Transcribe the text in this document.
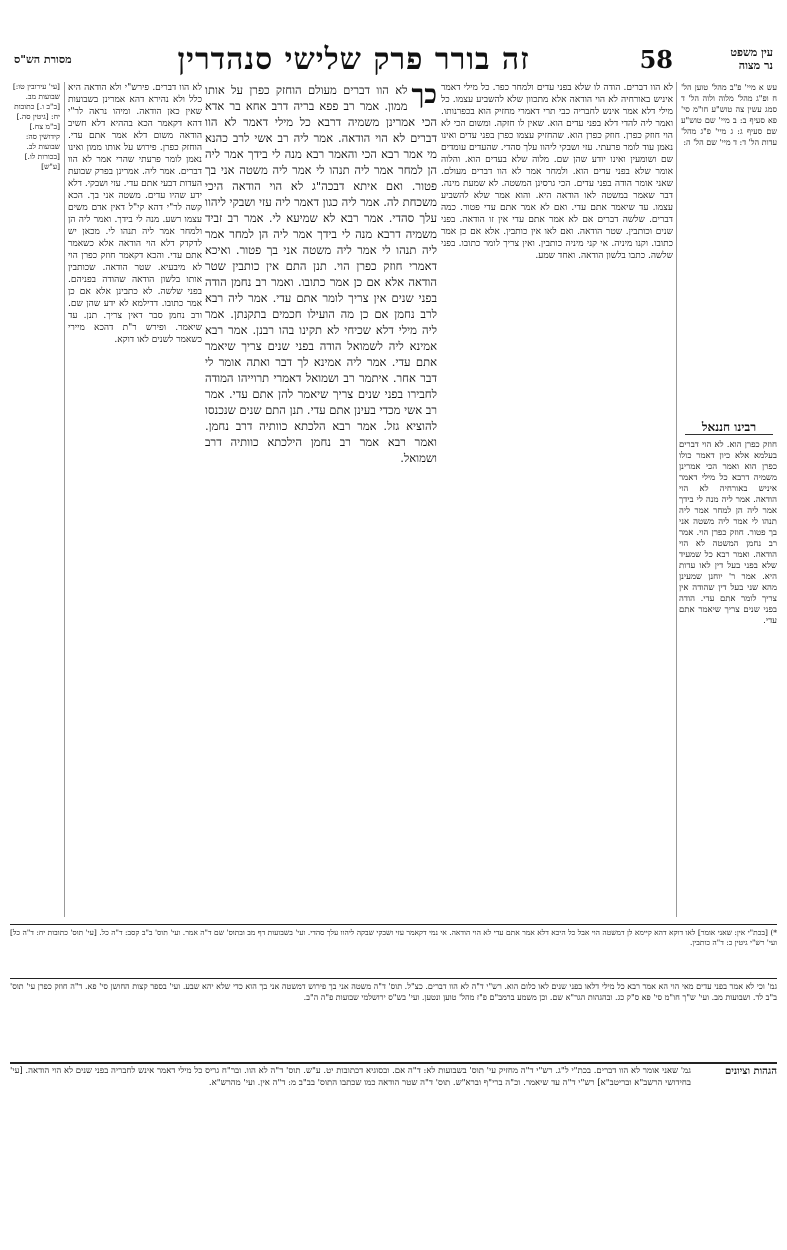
עין משפט
נר מצוה
58
זה בורר פרק שלישי סנהדרין
מסורת הש"ס

עש א מיי' פ"ב מהל' טוען הל' ח ופ"ג מהל' מלוה ולוה הל' ד סמג עשין צה טוש"ע חו"מ סי' פא סעיף ב: ב מיי' שם טוש"ע שם סעיף ג: ג מיי' פ"ג מהל' עדות הל' ד: ד מיי' שם הל' ה:

רבינו חננאל

חוזק כפרן הוא. לא הוי דברים בעלמא אלא כיון דאמר כולו כפרן הוא ואמר הכי אמרינן משמיה דרבא כל מילי דאמר איניש באורחיה לא הוי הודאה. אמר ליה מנה לי בידך אמר ליה הן למחר אמר ליה תנהו לי אמר ליה משטה אני בך פטור. חוזק כפרן הוי. אמר רב נחמן המשטה לא הוי הודאה. ואמר רבא כל שמעיד שלא בפני בעל דין לאו עדות היא. אמר ר' יוחנן שמעינן מהא שני בעל דין שהודה אין צריך לומר אתם עדי. הודה בפני שנים צריך שיאמר אתם עדי.

לא הוו דברים. הודה לו שלא בפני עדים ולמחר כפר. כל מילי דאמר איניש באורחיה לא הוי הודאה אלא מתכוון שלא להשביע עצמו. כל מילי דלא אמר אינש לחבריה כבי תרי דאמרי מחזיק הוא בכפרנותו. ואמר ליה להדי דלא בפני עדים הוא. שאין לו חזקה. ומשום הכי לא הוי חוזק כפרן. חוזק כפרן הוא. שהחזיק עצמו כפרן בפני עדים ואינו נאמן עוד לומר פרעתי. עזי ושבקי ליהוו עלך סהדי. שהעדים עומדים שם ושומעין ואינו יודע שהן שם. מלוה שלא בעדים הוא. והלוה אומר שלא בפני עדים הוא. ולמחר אמר לא הוו דברים מעולם. שאני אומר הודה בפני עדים. הכי גרסינן המשטה. לא שמעת מינה. דבר שאמר במשטה לאו הודאה היא. והוא אמר שלא להשביע עצמו. עד שיאמר אתם עדי. ואם לא אמר אתם עדי פטור. כמה דברים. שלשה דברים אם לא אמר אתם עדי אין זו הודאה. בפני שנים וכותבין. שטר הודאה. ואם לאו אין כותבין. אלא אם כן אמר כתובו. וקנו מיניה. אי קני מיניה כותבין. ואין צריך לומר כתובו. בפני שלשה. כתבו בלשון הודאה. ואחד שמע.

כך

לא הוו דברים מעולם הוחזק כפרן על אותו ממון. אמר רב פפא בריה דרב אחא בר אדא הכי אמרינן משמיה דרבא כל מילי דאמר לא הוו דברים לא הוי הודאה. אמר ליה רב אשי לרב כהנא מי אמר רבא הכי והאמר רבא מנה לי בידך אמר ליה הן למחר אמר ליה תנהו לי אמר ליה משטה אני בך פטור. ואם איתא דבכה"ג לא הוי הודאה היכי משכחת לה. אמר ליה כגון דאמר ליה עזי ושבקי ליהוו עלך סהדי. אמר רבא לא שמיעא לי. אמר רב זביד משמיה דרבא מנה לי בידך אמר ליה הן למחר אמר ליה תנהו לי אמר ליה משטה אני בך פטור. ואיכא דאמרי חוזק כפרן הוי. תנן התם אין כותבין שטר הודאה אלא אם כן אמר כתובו. ואמר רב נחמן הודה בפני שנים אין צריך לומר אתם עדי. אמר ליה רבא לרב נחמן אם כן מה הועילו חכמים בתקנתן. אמר ליה מילי דלא שכיחי לא תקינו בהו רבנן. אמר רבא אמינא ליה לשמואל הודה בפני שנים צריך שיאמר אתם עדי. אמר ליה אמינא לך דבר ואתה אומר לי דבר אחר. איתמר רב ושמואל דאמרי תרוייהו המודה לחבירו בפני שנים צריך שיאמר להן אתם עדי. אמר רב אשי מכדי בעינן אתם עדי. תנן התם שנים שנכנסו להוציא גזל. אמר רבא הלכתא כוותיה דרב נחמן. ואמר רבא אמר רב נחמן הילכתא כוותיה דרב ושמואל.

לא הוו דברים. פירש"י ולא הודאה היא כלל ולא נהירא דהא אמרינן בשבועות שאין כאן הודאה. ומיהו נראה לר"י דהא דקאמר הכא בההיא דלא חשיב הודאה משום דלא אמר אתם עדי. הוחזק כפרן. פירוש על אותו ממון ואינו נאמן לומר פרעתי שהרי אמר לא הוו דברים. אמר ליה. אמרינן בפרק שבועת העדות דבעי אתם עדי. עזי ושבקי. דלא ידע שהיו עדים. משטה אני בך. הכא קשה לר"י דהא קי"ל דאין אדם משים עצמו רשע. מנה לי בידך. ואמר ליה הן ולמחר אמר ליה תנהו לי. מכאן יש לדקדק דלא הוי הודאה אלא כשאמר אתם עדי. והכא דקאמר חוזק כפרן הוי לא מיבעיא. שטר הודאה. שכותבין אותו בלשון הודאה שהודה בפניהם. בפני שלשה. לא כתבינן אלא אם כן אמר כתובו. דדילמא לא ידע שהן שם. ורב נחמן סבר דאין צריך. תנן. עד שיאמר. ופירש ר"ת דהכא מיירי כשאמר לשנים לאו דוקא.

[עי' עירובין טו:] שבועות מב. [ב"ב ו.] כתובות יח: [גיטין סה.] [ב"מ צח.] קידושין סה: שבועות לב. [בכורות לו.] [ע"ש]

*) [בכת"י אין: שאני אומר] לאו דוקא דהא קיימא לן דמשטה הוי אבל כל היכא דלא אמר אתם עדי לא הוי הודאה. אי נמי דקאמר עזי ושבקי שבקה ליהוו עלך סהדי. ועי' בשבועות דף מב ובתוס' שם ד"ה אמר. ועי' תוס' ב"ב קסב: ד"ה כל. [עי' תוס' כתובות יח: ד"ה כל] ועי' רש"י גיטין כ: ד"ה כותבין.
גמ' וכי לא אמר בפני עדים מאי הוי הא אמר רבא כל מילי דלאו בפני שנים לאו כלום הוא. רש"י ד"ה לא הוו דברים. כצ"ל. תוס' ד"ה משטה אני בך פירוש דמשטה אני בך הוא כדי שלא יהא שבע. ועי' בספר קצות החושן סי' פא. ד"ה חוזק כפרן עי' תוס' ב"ב לד. ושבועות מב. ועי' ש"ך חו"מ סי' פא ס"ק כג. ובהגהות הגר"א שם. וכן משמע ברמב"ם פ"ז מהל' טוען ונטען. ועי' בש"ס ירושלמי שבועות פ"ה ה"ב.
הגהות וציונים
גמ' שאני אומר לא הוו דברים. בכת"י ל"ג. רש"י ד"ה מחזיק עי' תוס' בשבועות לא: ד"ה אם. ובסוגיא דכתובות יט. ע"ש. תוס' ד"ה לא הוו. ובר"ח גריס כל מילי דאמר אינש לחבריה בפני שנים לא הוי הודאה. [עי' בחידושי הרשב"א ובריטב"א] רש"י ד"ה עד שיאמר. וכ"ה ברי"ף וברא"ש. תוס' ד"ה שטר הודאה כמו שכתבו התוס' בב"ב מ: ד"ה אין. ועי' מהרש"א.
